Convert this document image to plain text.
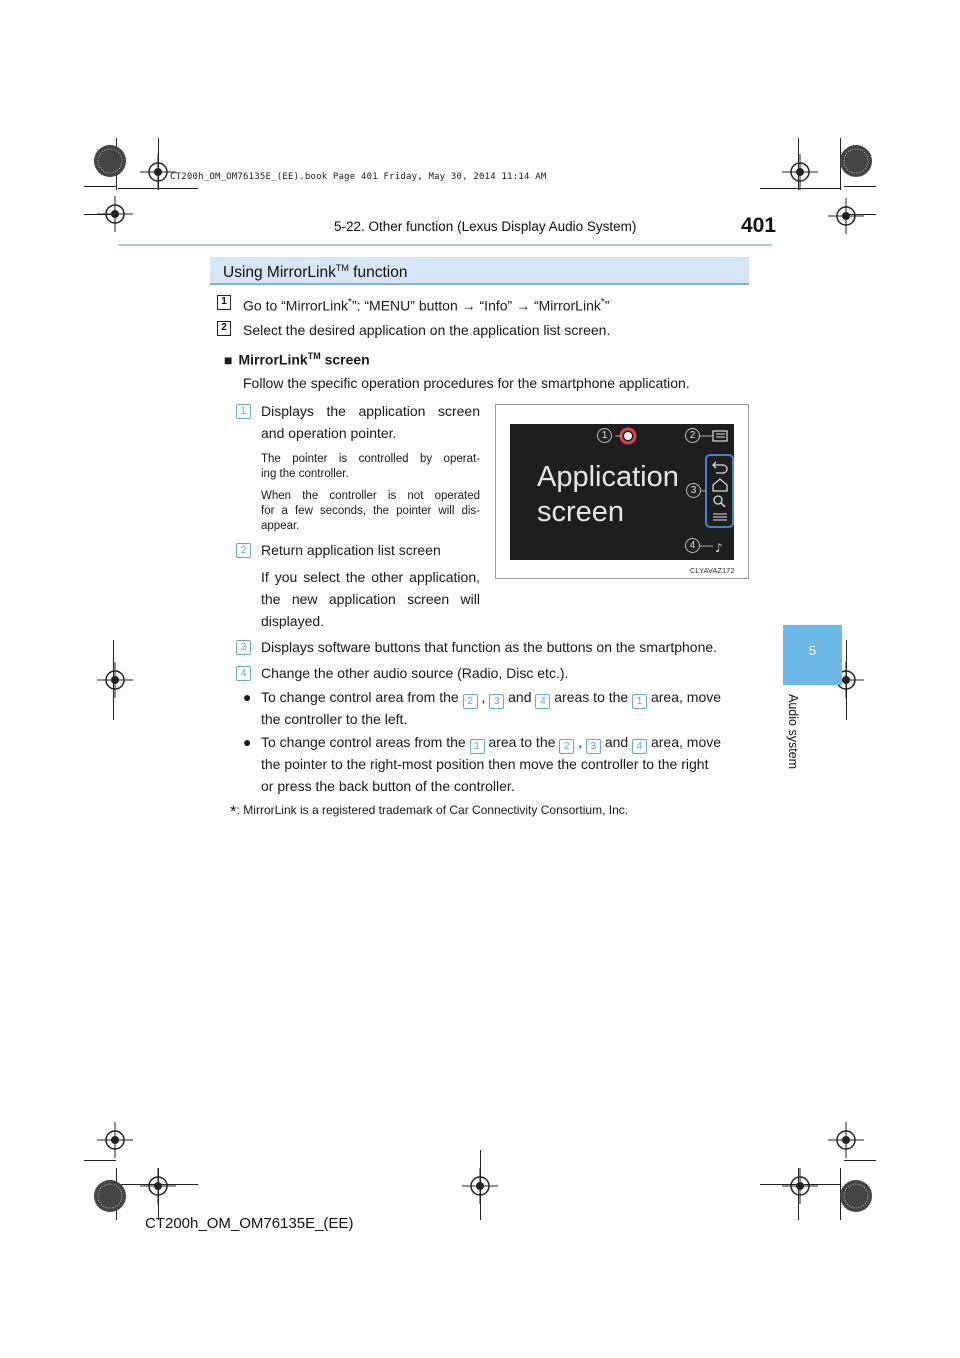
CT200h_OM_OM76135E_(EE).book Page 401 Friday, May 30, 2014 11:14 AM
5-22. Other function (Lexus Display Audio System)	401
5
Audio system
Using MirrorLink™ function
1	Go to “MirrorLink*”: “MENU” button → “Info” → “MirrorLink*”
2	Select the desired application on the application list screen.
■ MirrorLink™ screen
Follow the specific operation procedures for the smartphone application.
1	Displays the application screen
and operation pointer.
The pointer is controlled by operat-
ing the controller.
When the controller is not operated
for a few seconds, the pointer will dis-
appear.
2	Return application list screen
If you select the other application,
the new application screen will
displayed.
Application
screen
♪
1	2
3
4
CLYAVAZ172
3	Displays software buttons that function as the buttons on the smartphone.
4	Change the other audio source (Radio, Disc etc.).
● To change control area from the 2 , 3 and 4 areas to the 1 area, move
the controller to the left.
● To change control areas from the 1 area to the 2 , 3 and 4 area, move
the pointer to the right-most position then move the controller to the right
or press the back button of the controller.
*: MirrorLink is a registered trademark of Car Connectivity Consortium, Inc.
CT200h_OM_OM76135E_(EE)
